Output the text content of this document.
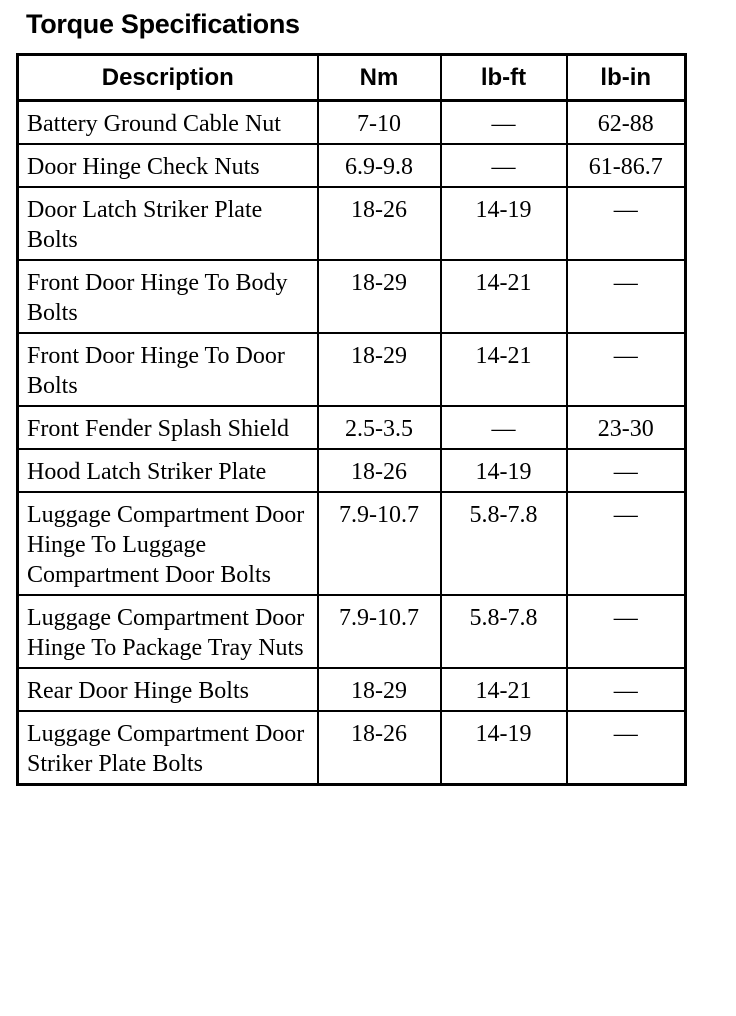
Torque Specifications
Description	Nm	lb-ft	lb-in
Battery Ground Cable Nut	7-10	—	62-88
Door Hinge Check Nuts	6.9-9.8	—	61-86.7
Door Latch Striker Plate Bolts	18-26	14-19	—
Front Door Hinge To Body Bolts	18-29	14-21	—
Front Door Hinge To Door Bolts	18-29	14-21	—
Front Fender Splash Shield	2.5-3.5	—	23-30
Hood Latch Striker Plate	18-26	14-19	—
Luggage Compartment Door Hinge To Luggage Compartment Door Bolts	7.9-10.7	5.8-7.8	—
Luggage Compartment Door Hinge To Package Tray Nuts	7.9-10.7	5.8-7.8	—
Rear Door Hinge Bolts	18-29	14-21	—
Luggage Compartment Door Striker Plate Bolts	18-26	14-19	—
